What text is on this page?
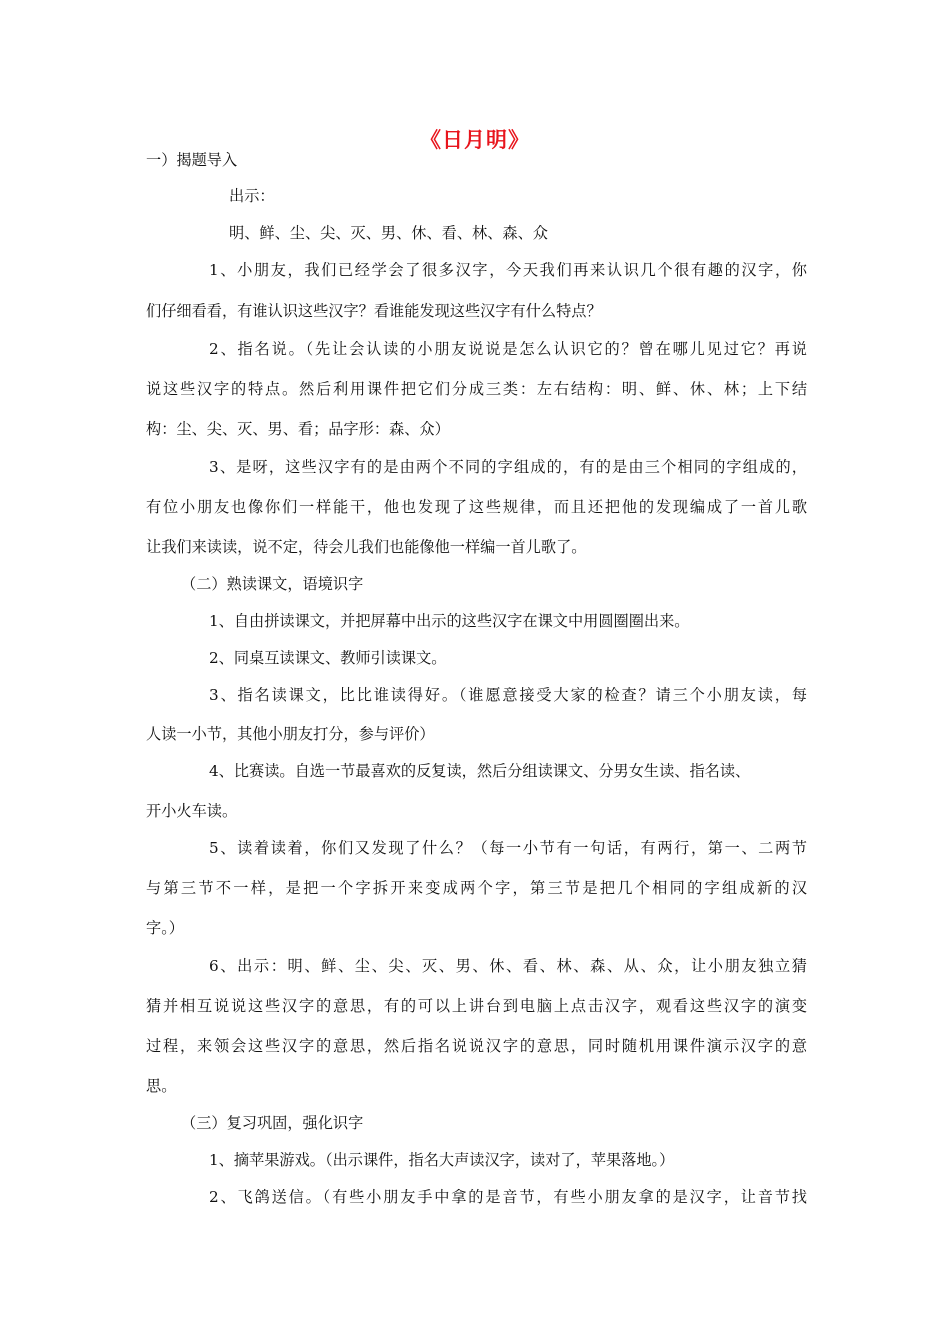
《日月明》
一）揭题导入
出示：
明、鲜、尘、尖、灭、男、休、看、林、森、众
1、小朋友，我们已经学会了很多汉字，今天我们再来认识几个很有趣的汉字，你
们仔细看看，有谁认识这些汉字？看谁能发现这些汉字有什么特点？
2、指名说。（先让会认读的小朋友说说是怎么认识它的？曾在哪儿见过它？再说
说这些汉字的特点。然后利用课件把它们分成三类：左右结构：明、鲜、休、林；上下结
构：尘、尖、灭、男、看；品字形：森、众）
3、是呀，这些汉字有的是由两个不同的字组成的，有的是由三个相同的字组成的，
有位小朋友也像你们一样能干，他也发现了这些规律，而且还把他的发现编成了一首儿歌
让我们来读读，说不定，待会儿我们也能像他一样编一首儿歌了。
（二）熟读课文，语境识字
1、自由拼读课文，并把屏幕中出示的这些汉字在课文中用圆圈圈出来。
2、同桌互读课文、教师引读课文。
3、指名读课文，比比谁读得好。（谁愿意接受大家的检查？请三个小朋友读，每
人读一小节，其他小朋友打分，参与评价）
4、比赛读。自选一节最喜欢的反复读，然后分组读课文、分男女生读、指名读、
开小火车读。
5、读着读着，你们又发现了什么？（每一小节有一句话，有两行，第一、二两节
与第三节不一样，是把一个字拆开来变成两个字，第三节是把几个相同的字组成新的汉
字。）
6、出示：明、鲜、尘、尖、灭、男、休、看、林、森、从、众，让小朋友独立猜
猜并相互说说这些汉字的意思，有的可以上讲台到电脑上点击汉字，观看这些汉字的演变
过程，来领会这些汉字的意思，然后指名说说汉字的意思，同时随机用课件演示汉字的意
思。
（三）复习巩固，强化识字
1、摘苹果游戏。（出示课件，指名大声读汉字，读对了，苹果落地。）
2、飞鸽送信。（有些小朋友手中拿的是音节，有些小朋友拿的是汉字，让音节找
